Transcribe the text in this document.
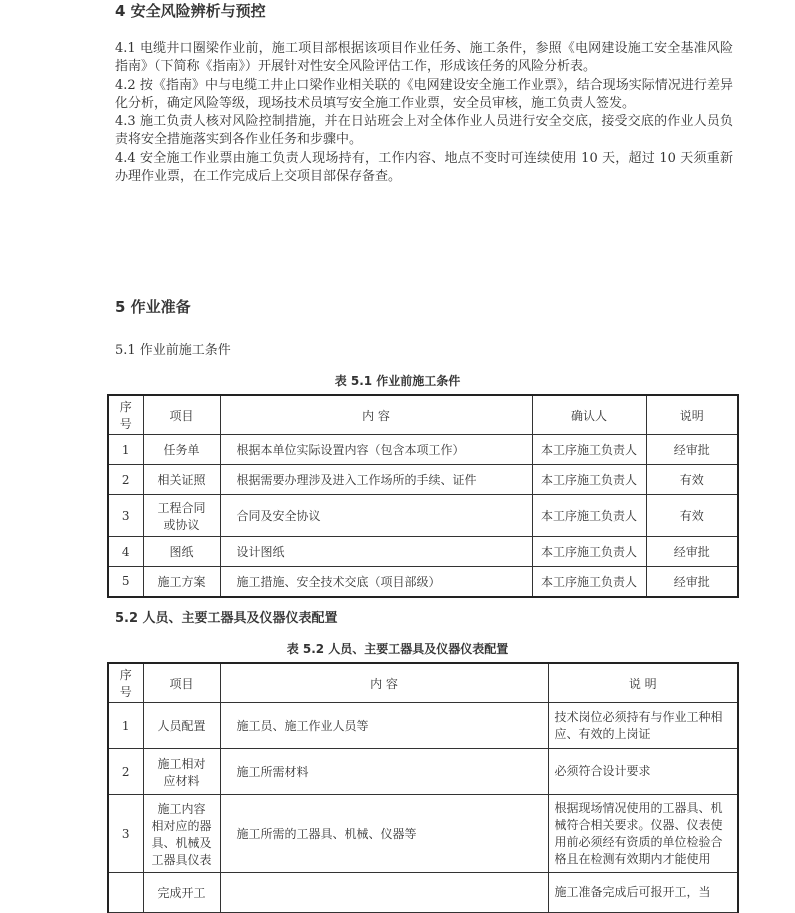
4 安全风险辨析与预控

4.1 电缆井口圈梁作业前，施工项目部根据该项目作业任务、施工条件，参照《电网建设施工安全基准风险指南》（下简称《指南》）开展针对性安全风险评估工作，形成该任务的风险分析表。

4.2 按《指南》中与电缆工井止口梁作业相关联的《电网建设安全施工作业票》，结合现场实际情况进行差异化分析，确定风险等级，现场技术员填写安全施工作业票，安全员审核，施工负责人签发。

4.3 施工负责人核对风险控制措施，并在日站班会上对全体作业人员进行安全交底，接受交底的作业人员负责将安全措施落实到各作业任务和步骤中。

4.4 安全施工作业票由施工负责人现场持有，工作内容、地点不变时可连续使用 10 天，超过 10 天须重新办理作业票，在工作完成后上交项目部保存备查。

5 作业准备
5.1 作业前施工条件
表 5.1 作业前施工条件
序号	项目	内 容	确认人	说明
1	任务单	根据本单位实际设置内容（包含本项工作）	本工序施工负责人	经审批
2	相关证照	根据需要办理涉及进入工作场所的手续、证件	本工序施工负责人	有效
3	工程合同
或协议	合同及安全协议	本工序施工负责人	有效
4	图纸	设计图纸	本工序施工负责人	经审批
5	施工方案	施工措施、安全技术交底（项目部级）	本工序施工负责人	经审批
5.2 人员、主要工器具及仪器仪表配置
表 5.2 人员、主要工器具及仪器仪表配置
序号	项目	内 容	说 明
1	人员配置	施工员、施工作业人员等	技术岗位必须持有与作业工种相应、有效的上岗证
2	施工相对
应材料	施工所需材料	必须符合设计要求
3	施工内容
相对应的器
具、机械及
工器具仪表	施工所需的工器具、机械、仪器等	根据现场情况使用的工器具、机械符合相关要求。仪器、仪表使用前必须经有资质的单位检验合格且在检测有效期内才能使用
	完成开工		施工准备完成后可报开工，当
